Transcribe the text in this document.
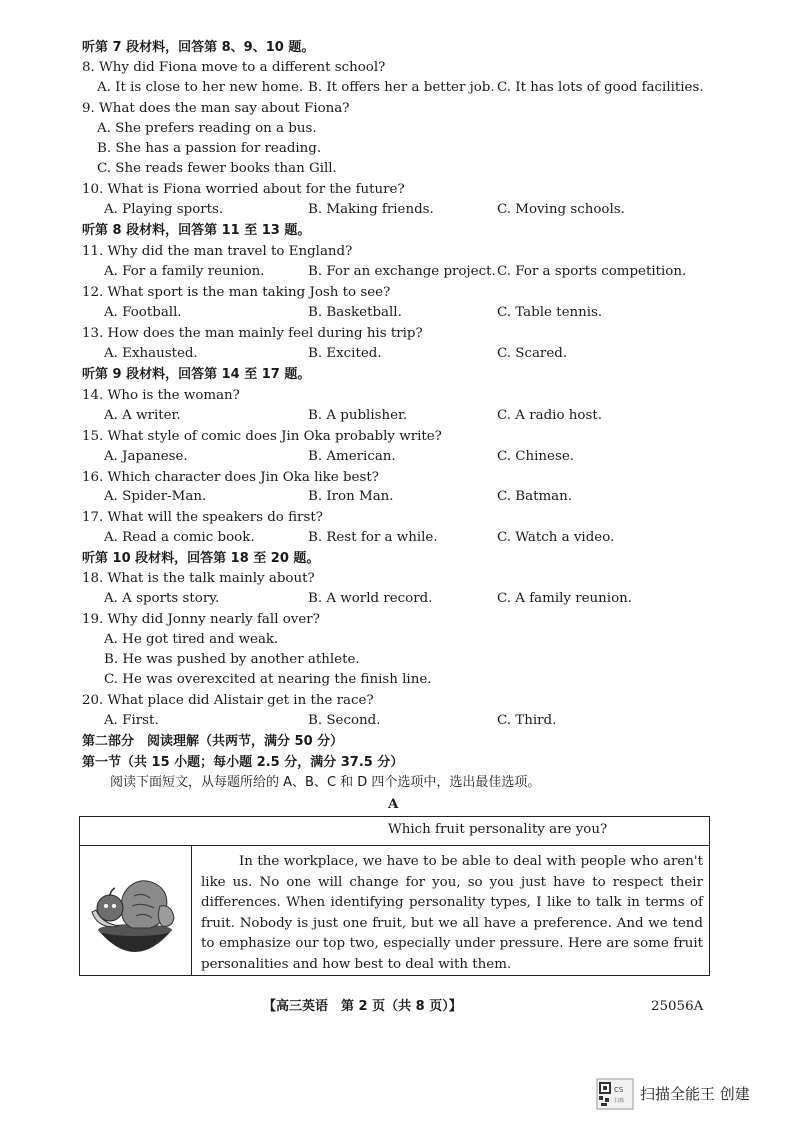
听第 7 段材料，回答第 8、9、10 题。
8. Why did Fiona move to a different school?
A. It is close to her new home. B. It offers her a better job. C. It has lots of good facilities.
9. What does the man say about Fiona?
A. She prefers reading on a bus.
B. She has a passion for reading.
C. She reads fewer books than Gill.
10. What is Fiona worried about for the future?
A. Playing sports.	B. Making friends.	C. Moving schools.
听第 8 段材料，回答第 11 至 13 题。
11. Why did the man travel to England?
A. For a family reunion.	B. For an exchange project. C. For a sports competition.
12. What sport is the man taking Josh to see?
A. Football.	B. Basketball.	C. Table tennis.
13. How does the man mainly feel during his trip?
A. Exhausted.	B. Excited.	C. Scared.
听第 9 段材料，回答第 14 至 17 题。
14. Who is the woman?
A. A writer.	B. A publisher.	C. A radio host.
15. What style of comic does Jin Oka probably write?
A. Japanese.	B. American.	C. Chinese.
16. Which character does Jin Oka like best?
A. Spider-Man.	B. Iron Man.	C. Batman.
17. What will the speakers do first?
A. Read a comic book.	B. Rest for a while.	C. Watch a video.
听第 10 段材料，回答第 18 至 20 题。
18. What is the talk mainly about?
A. A sports story.	B. A world record.	C. A family reunion.
19. Why did Jonny nearly fall over?
A. He got tired and weak.
B. He was pushed by another athlete.
C. He was overexcited at nearing the finish line.
20. What place did Alistair get in the race?
A. First.	B. Second.	C. Third.
第二部分　阅读理解（共两节，满分 50 分）
第一节（共 15 小题；每小题 2.5 分，满分 37.5 分）
阅读下面短文，从每题所给的 A、B、C 和 D 四个选项中，选出最佳选项。
A
Which fruit personality are you?

In the workplace, we have to be able to deal with people who aren't like us. No one will change for you, so you just have to respect their differences. When identifying personality types, I like to talk in terms of fruit. Nobody is just one fruit, but we all have a preference. And we tend to emphasize our top two, especially under pressure. Here are some fruit personalities and how best to deal with them.

【高三英语　第 2 页（共 8 页）】	25056A
CS
扫描 扫描全能王 创建
